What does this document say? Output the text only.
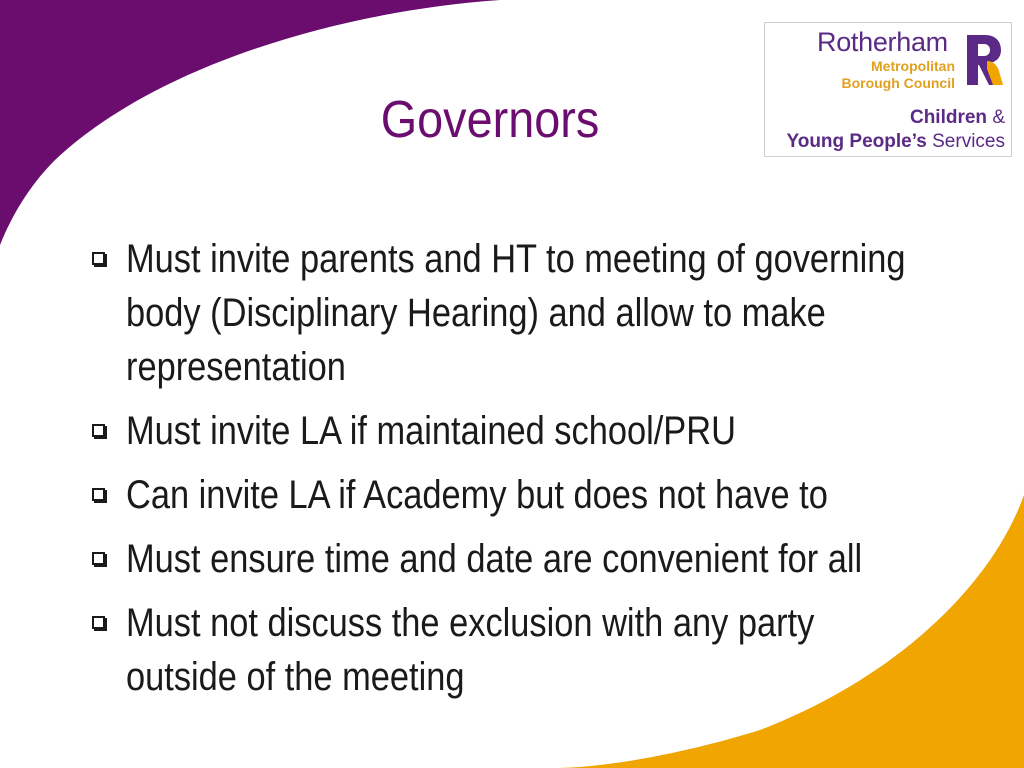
Governors
Rotherham
Metropolitan
Borough Council
Children &
Young People’s Services
Must invite parents and HT to meeting of governing body (Disciplinary Hearing) and allow to make representation
Must invite LA if maintained school/PRU
Can invite LA if Academy but does not have to
Must ensure time and date are convenient for all
Must not discuss the exclusion with any party outside of the meeting
